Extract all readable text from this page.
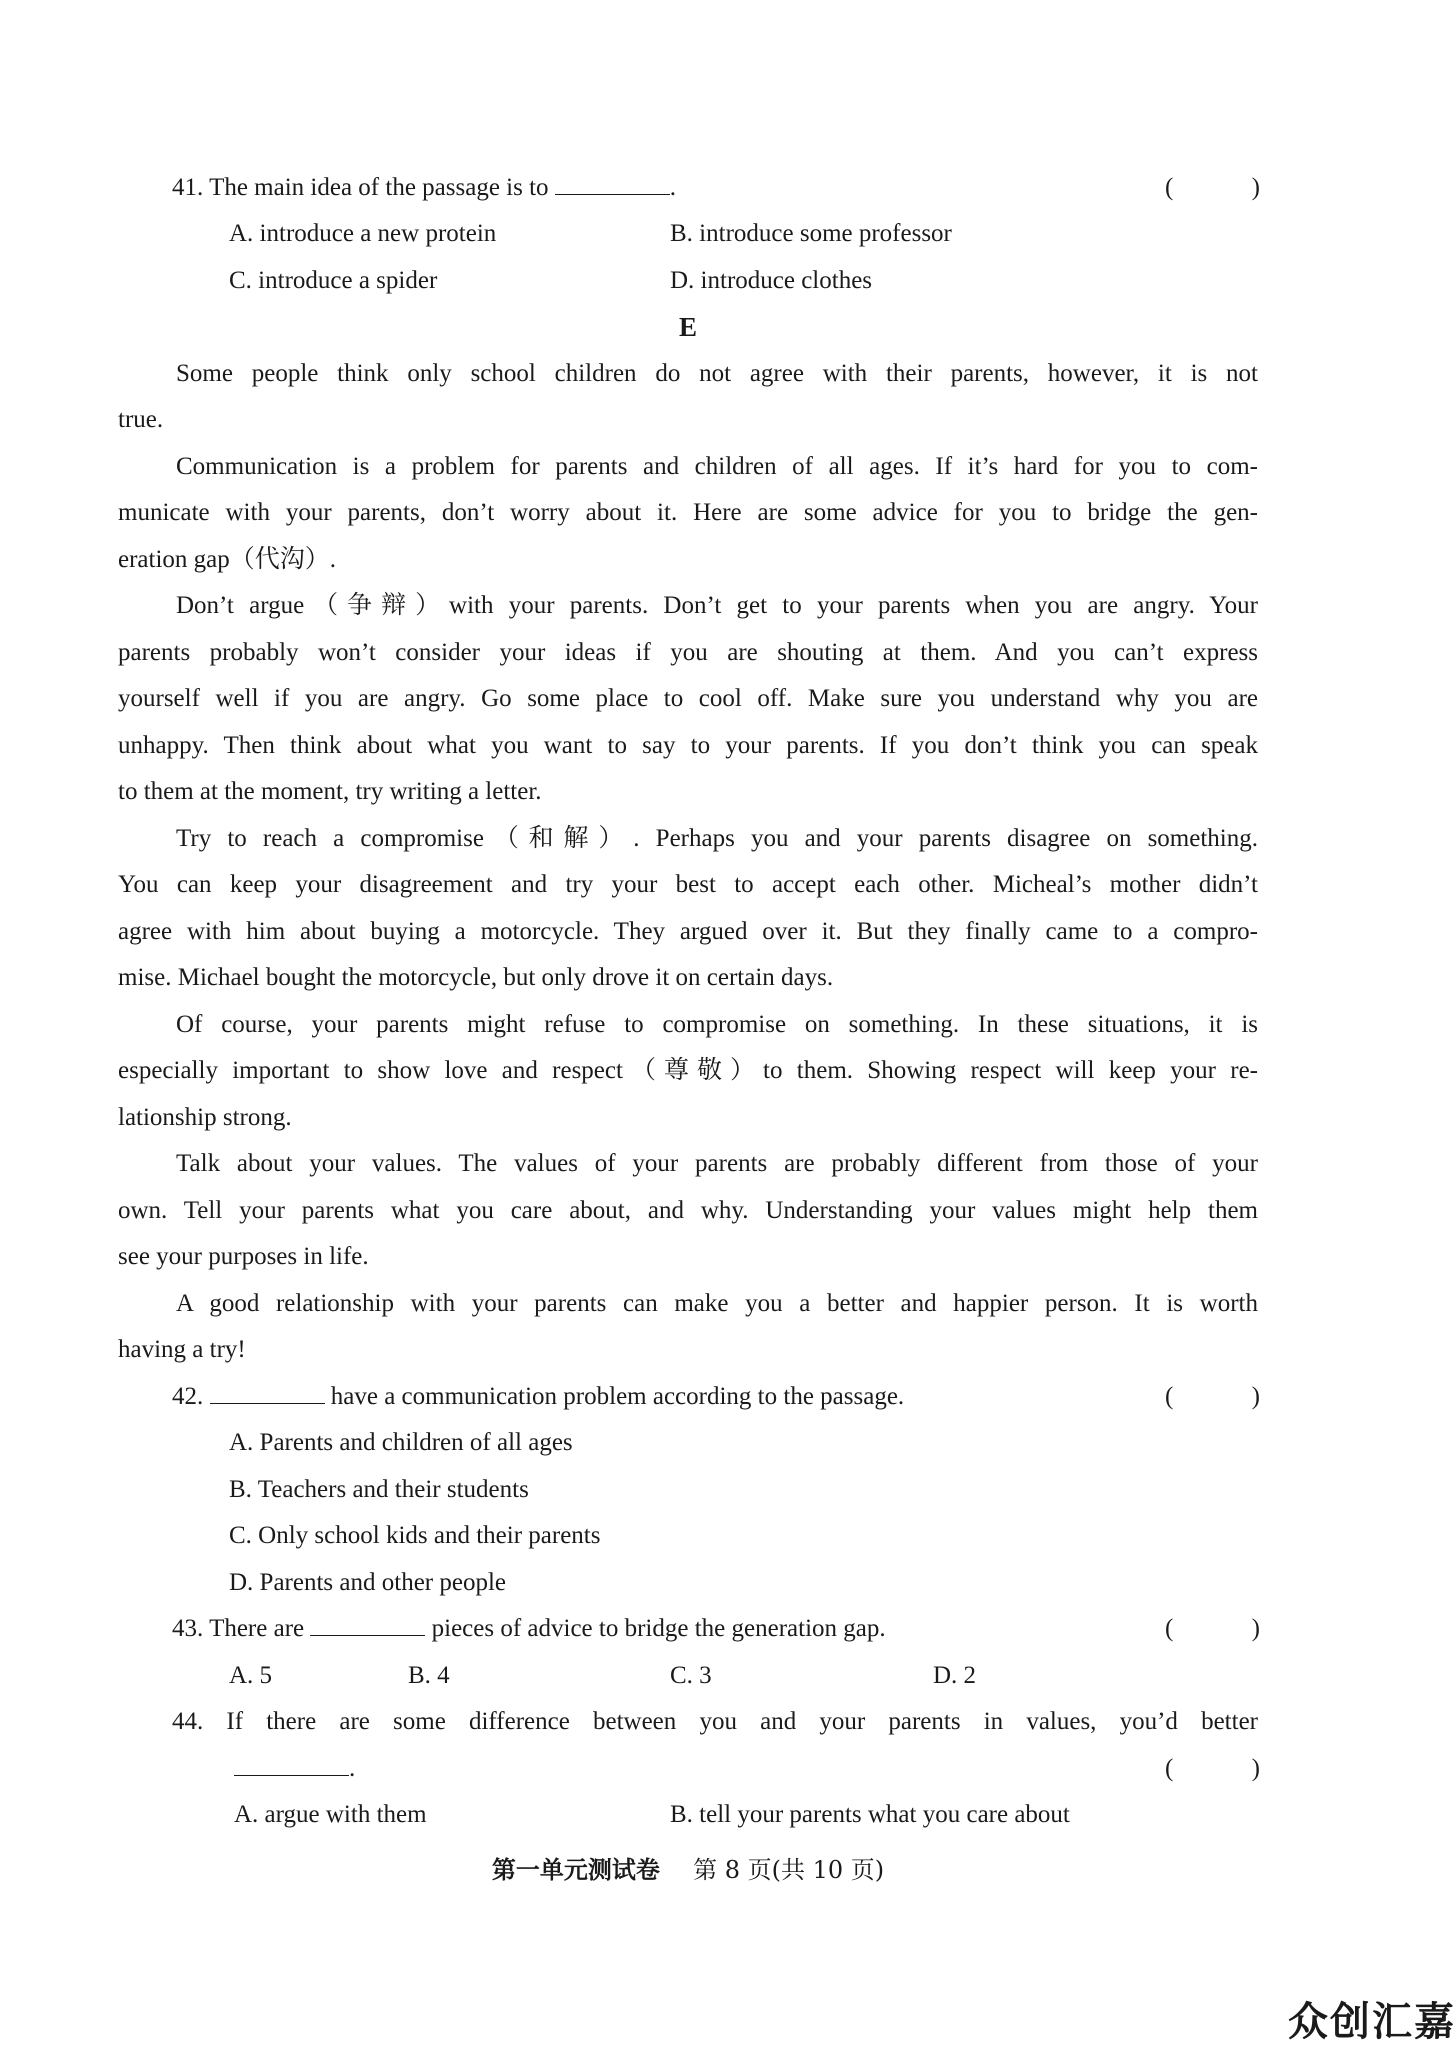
41. The main idea of the passage is to	.	(	)
A. introduce a new protein	B. introduce some professor
C. introduce a spider	D. introduce clothes
E
Some people think only school children do not agree with their parents, however, it is not
true.
Communication is a problem for parents and children of all ages. If it’s hard for you to com-
municate with your parents, don’t worry about it. Here are some advice for you to bridge the gen-
eration gap（代沟）.
Don’t argue（争辩）with your parents. Don’t get to your parents when you are angry. Your
parents probably won’t consider your ideas if you are shouting at them. And you can’t express
yourself well if you are angry. Go some place to cool off. Make sure you understand why you are
unhappy. Then think about what you want to say to your parents. If you don’t think you can speak
to them at the moment, try writing a letter.
Try to reach a compromise（和解）. Perhaps you and your parents disagree on something.
You can keep your disagreement and try your best to accept each other. Micheal’s mother didn’t
agree with him about buying a motorcycle. They argued over it. But they finally came to a compro-
mise. Michael bought the motorcycle, but only drove it on certain days.
Of course, your parents might refuse to compromise on something. In these situations, it is
especially important to show love and respect（尊敬）to them. Showing respect will keep your re-
lationship strong.
Talk about your values. The values of your parents are probably different from those of your
own. Tell your parents what you care about, and why. Understanding your values might help them
see your purposes in life.
A good relationship with your parents can make you a better and happier person. It is worth
having a try!
42.	have a communication problem according to the passage.	(	)
A. Parents and children of all ages
B. Teachers and their students
C. Only school kids and their parents
D. Parents and other people
43. There are	pieces of advice to bridge the generation gap.	(	)
A. 5	B. 4	C. 3	D. 2
44. If there are some difference between you and your parents in values, you’d better
.	(	)
A. argue with them	B. tell your parents what you care about
第一单元测试卷 第 8 页(共 10 页)
众创汇嘉
